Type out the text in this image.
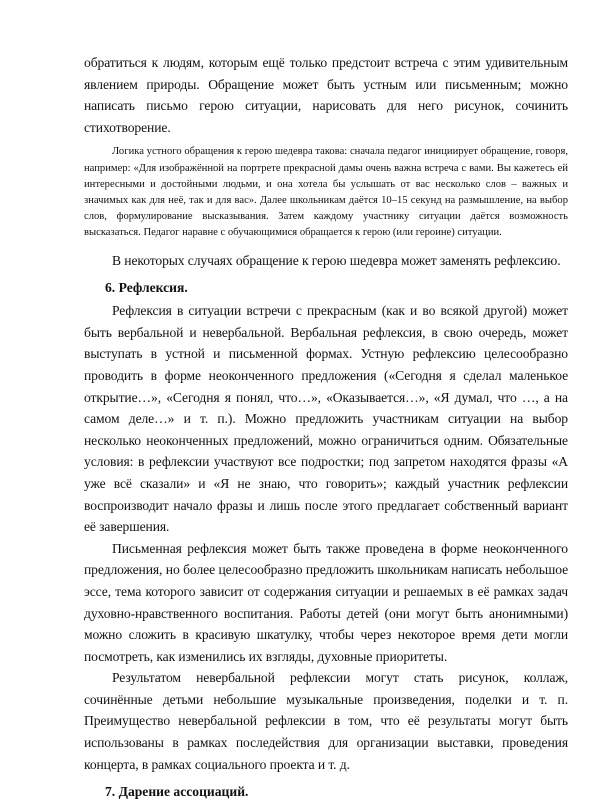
обратиться к людям, которым ещё только предстоит встреча с этим удивительным явлением природы. Обращение может быть устным или письменным; можно написать письмо герою ситуации, нарисовать для него рисунок, сочинить стихотворение.

Логика устного обращения к герою шедевра такова: сначала педагог инициирует обращение, говоря, например: «Для изображённой на портрете прекрасной дамы очень важна встреча с вами. Вы кажетесь ей интересными и достойными людьми, и она хотела бы услышать от вас несколько слов – важных и значимых как для неё, так и для вас». Далее школьникам даётся 10–15 секунд на размышление, на выбор слов, формулирование высказывания. Затем каждому участнику ситуации даётся возможность высказаться. Педагог наравне с обучающимися обращается к герою (или героине) ситуации.

В некоторых случаях обращение к герою шедевра может заменять рефлексию.

6. Рефлексия.

Рефлексия в ситуации встречи с прекрасным (как и во всякой другой) может быть вербальной и невербальной. Вербальная рефлексия, в свою очередь, может выступать в устной и письменной формах. Устную рефлексию целесообразно проводить в форме неоконченного предложения («Сегодня я сделал маленькое открытие…», «Сегодня я понял, что…», «Оказывается…», «Я думал, что …, а на самом деле…» и т. п.). Можно предложить участникам ситуации на выбор несколько неоконченных предложений, можно ограничиться одним. Обязательные условия: в рефлексии участвуют все подростки; под запретом находятся фразы «А уже всё сказали» и «Я не знаю, что говорить»; каждый участник рефлексии воспроизводит начало фразы и лишь после этого предлагает собственный вариант её завершения.

Письменная рефлексия может быть также проведена в форме неоконченного предложения, но более целесообразно предложить школьникам написать небольшое эссе, тема которого зависит от содержания ситуации и решаемых в её рамках задач духовно-нравственного воспитания. Работы детей (они могут быть анонимными) можно сложить в красивую шкатулку, чтобы через некоторое время дети могли посмотреть, как изменились их взгляды, духовные приоритеты.

Результатом невербальной рефлексии могут стать рисунок, коллаж, сочинённые детьми небольшие музыкальные произведения, поделки и т. п. Преимущество невербальной рефлексии в том, что её результаты могут быть использованы в рамках последействия для организации выставки, проведения концерта, в рамках социального проекта и т. д.

7. Дарение ассоциаций.
